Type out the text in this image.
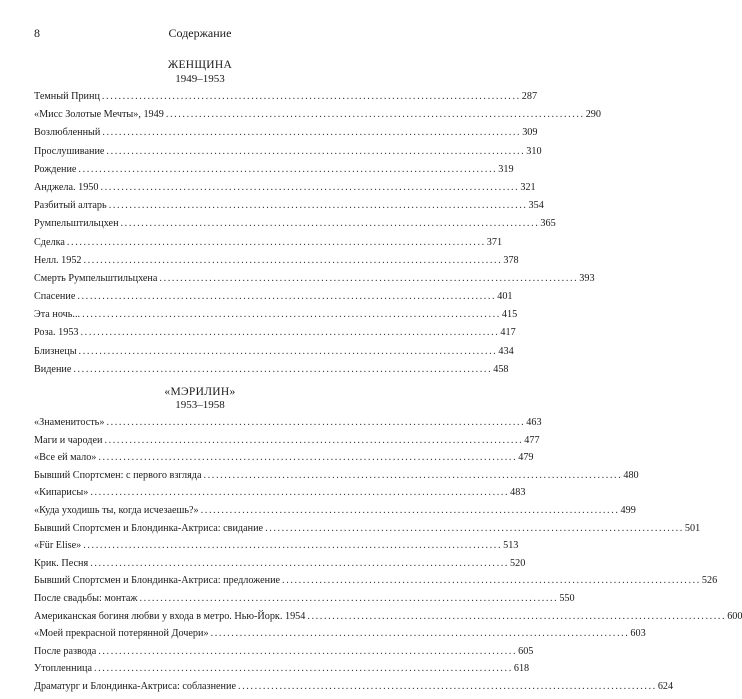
8	Содержание
ЖЕНЩИНА
1949–1953
Темный Принц ..................................................................................................... 287
«Мисс Золотые Мечты», 1949 ..................................................................................................... 290
Возлюбленный ..................................................................................................... 309
Прослушивание ..................................................................................................... 310
Рождение ..................................................................................................... 319
Анджела. 1950 ..................................................................................................... 321
Разбитый алтарь ..................................................................................................... 354
Румпельштильцхен ..................................................................................................... 365
Сделка ..................................................................................................... 371
Нелл. 1952 ..................................................................................................... 378
Смерть Румпельштильцхена ..................................................................................................... 393
Спасение ..................................................................................................... 401
Эта ночь... ..................................................................................................... 415
Роза. 1953 ..................................................................................................... 417
Близнецы ..................................................................................................... 434
Видение ..................................................................................................... 458
«МЭРИЛИН»
1953–1958
«Знаменитость» ..................................................................................................... 463
Маги и чародеи ..................................................................................................... 477
«Все ей мало» ..................................................................................................... 479
Бывший Спортсмен: с первого взгляда ..................................................................................................... 480
«Кипарисы» ..................................................................................................... 483
«Куда уходишь ты, когда исчезаешь?» ..................................................................................................... 499
Бывший Спортсмен и Блондинка-Актриса: свидание ..................................................................................................... 501
«Für Elise» ..................................................................................................... 513
Крик. Песня ..................................................................................................... 520
Бывший Спортсмен и Блондинка-Актриса: предложение ..................................................................................................... 526
После свадьбы: монтаж ..................................................................................................... 550
Американская богиня любви у входа в метро. Нью-Йорк. 1954 ..................................................................................................... 600
«Моей прекрасной потерянной Дочери» ..................................................................................................... 603
После развода ..................................................................................................... 605
Утопленница ..................................................................................................... 618
Драматург и Блондинка-Актриса: соблазнение ..................................................................................................... 624
